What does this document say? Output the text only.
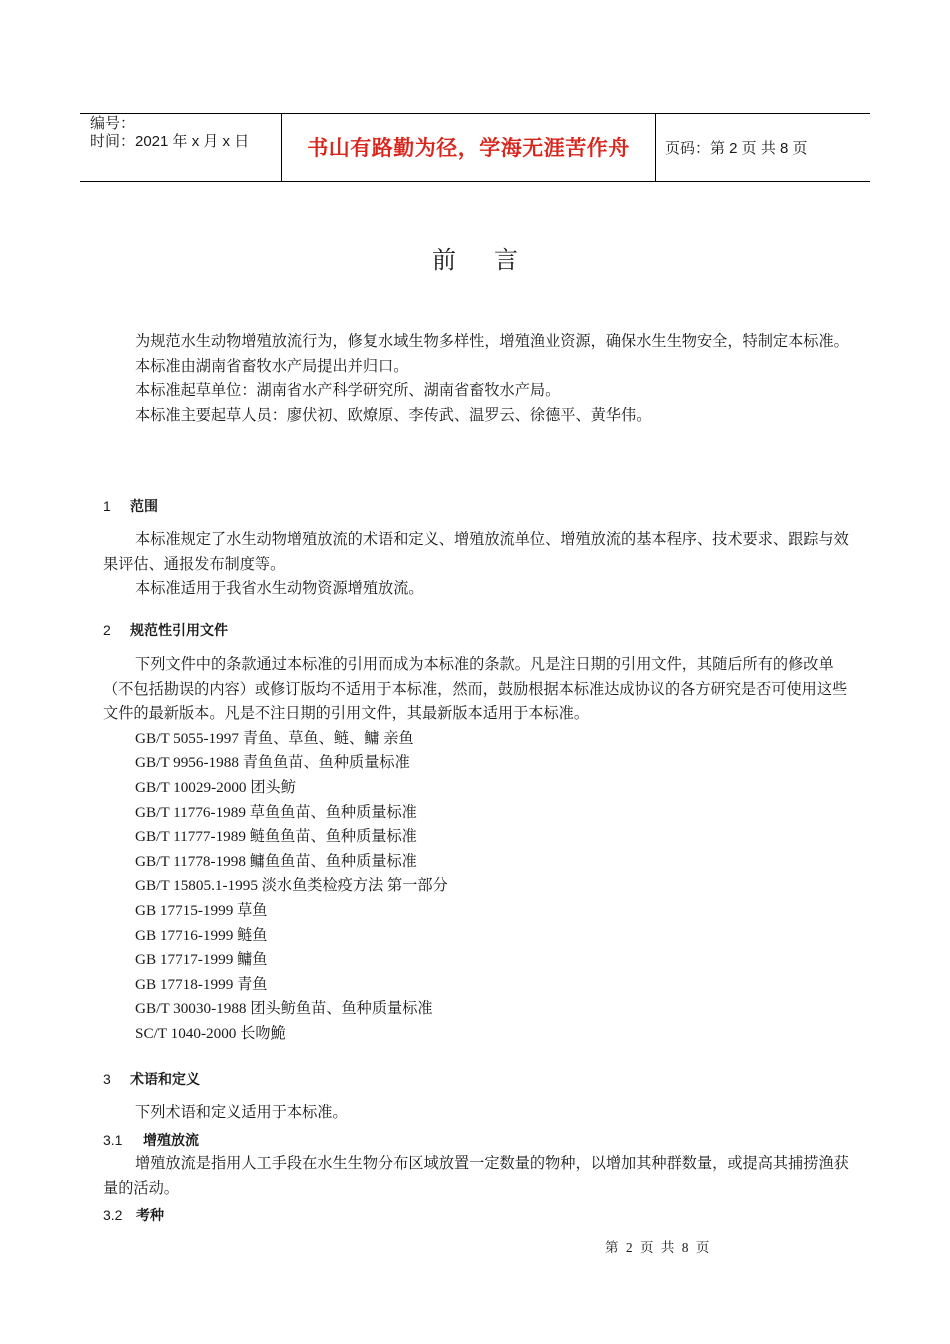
编号：
时间：2021 年 x 月 x 日	书山有路勤为径，学海无涯苦作舟	页码：第 2 页 共 8 页
前言

为规范水生动物增殖放流行为，修复水域生物多样性，增殖渔业资源，确保水生生物安全，特制定本标准。

本标准由湖南省畜牧水产局提出并归口。

本标准起草单位：湖南省水产科学研究所、湖南省畜牧水产局。

本标准主要起草人员：廖伏初、欧燎原、李传武、温罗云、徐德平、黄华伟。

1 范围

本标准规定了水生动物增殖放流的术语和定义、增殖放流单位、增殖放流的基本程序、技术要求、跟踪与效果评估、通报发布制度等。

本标准适用于我省水生动物资源增殖放流。

2 规范性引用文件

下列文件中的条款通过本标准的引用而成为本标准的条款。凡是注日期的引用文件，其随后所有的修改单（不包括勘误的内容）或修订版均不适用于本标准，然而，鼓励根据本标准达成协议的各方研究是否可使用这些文件的最新版本。凡是不注日期的引用文件，其最新版本适用于本标准。

GB/T 5055-1997 青鱼、草鱼、鲢、鳙 亲鱼

GB/T 9956-1988 青鱼鱼苗、鱼种质量标准

GB/T 10029-2000 团头鲂

GB/T 11776-1989 草鱼鱼苗、鱼种质量标准

GB/T 11777-1989 鲢鱼鱼苗、鱼种质量标准

GB/T 11778-1998 鳙鱼鱼苗、鱼种质量标准

GB/T 15805.1-1995 淡水鱼类检疫方法 第一部分

GB 17715-1999 草鱼

GB 17716-1999 鲢鱼

GB 17717-1999 鳙鱼

GB 17718-1999 青鱼

GB/T 30030-1988 团头鲂鱼苗、鱼种质量标准

SC/T 1040-2000 长吻鮠

3 术语和定义

下列术语和定义适用于本标准。

3.1 增殖放流

增殖放流是指用人工手段在水生生物分布区域放置一定数量的物种，以增加其种群数量，或提高其捕捞渔获量的活动。

3.2 考种
第 2 页 共 8 页
